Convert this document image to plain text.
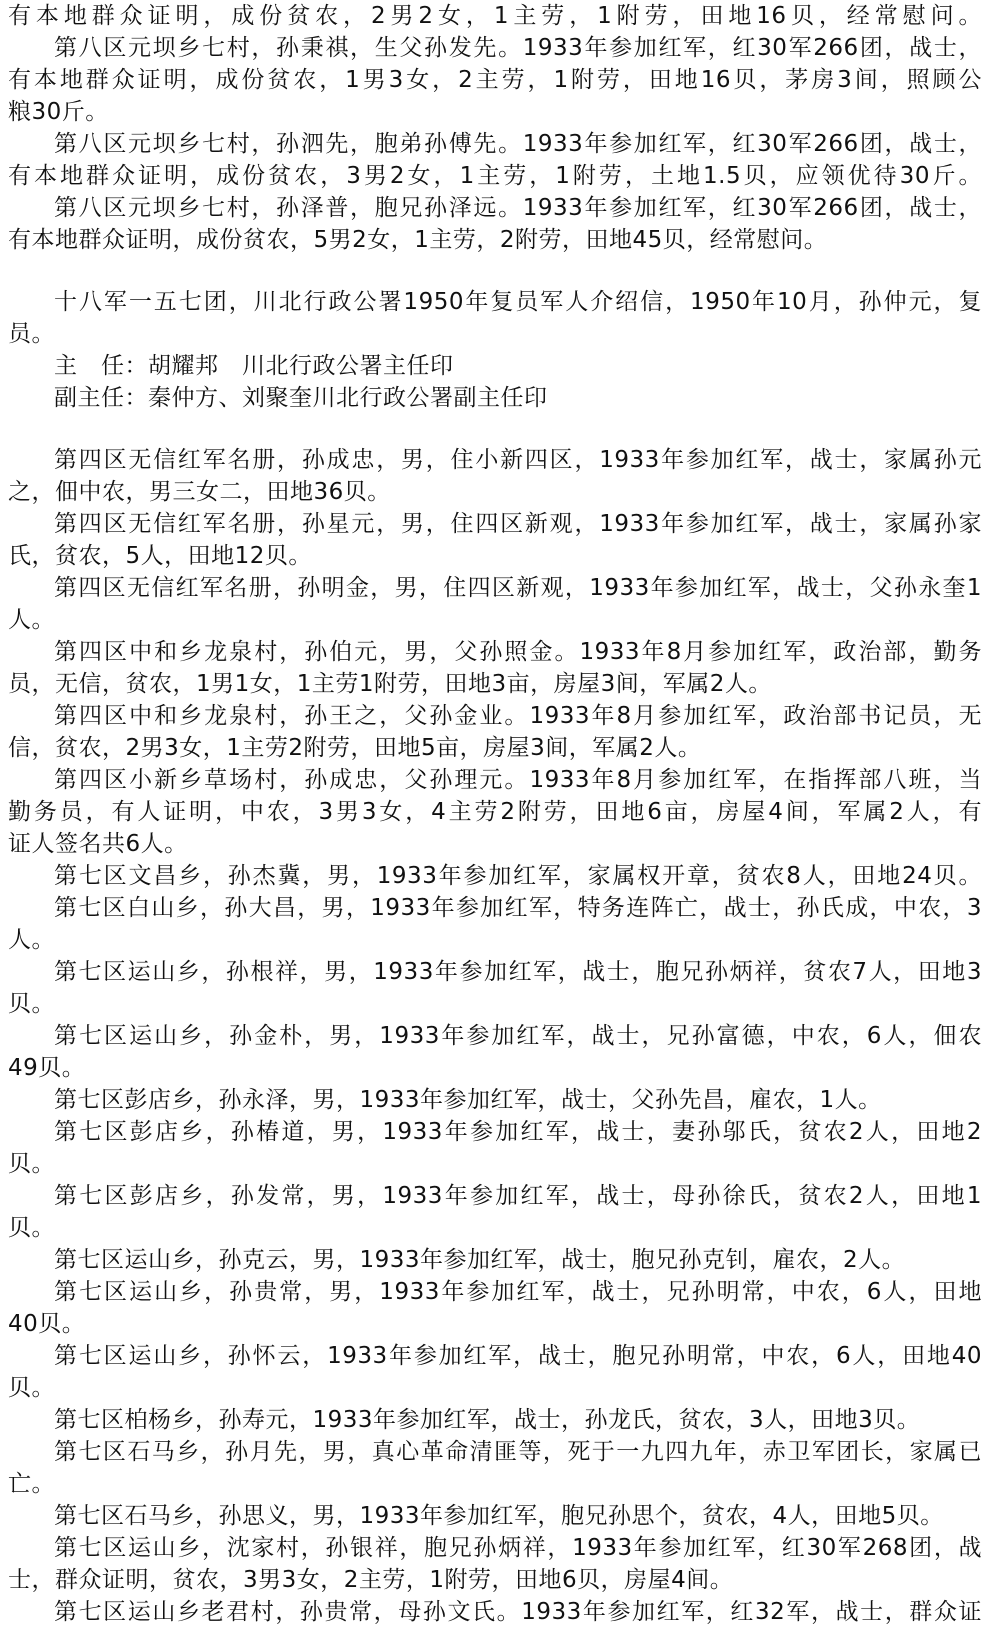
有本地群众证明，成份贫农，2男2女，1主劳，1附劳，田地16贝，经常慰问。
第八区元坝乡七村，孙秉祺，生父孙发先。1933年参加红军，红30军266团，战士，
有本地群众证明，成份贫农，1男3女，2主劳，1附劳，田地16贝，茅房3间，照顾公
粮30斤。
第八区元坝乡七村，孙泗先，胞弟孙傅先。1933年参加红军，红30军266团，战士，
有本地群众证明，成份贫农，3男2女，1主劳，1附劳，土地1.5贝，应领优待30斤。
第八区元坝乡七村，孙泽普，胞兄孙泽远。1933年参加红军，红30军266团，战士，
有本地群众证明，成份贫农，5男2女，1主劳，2附劳，田地45贝，经常慰问。
十八军一五七团，川北行政公署1950年复员军人介绍信，1950年10月，孙仲元，复
员。
主　任：胡耀邦　川北行政公署主任印
副主任：秦仲方、刘聚奎川北行政公署副主任印
第四区无信红军名册，孙成忠，男，住小新四区，1933年参加红军，战士，家属孙元
之，佃中农，男三女二，田地36贝。
第四区无信红军名册，孙星元，男，住四区新观，1933年参加红军，战士，家属孙家
氏，贫农，5人，田地12贝。
第四区无信红军名册，孙明金，男，住四区新观，1933年参加红军，战士，父孙永奎1
人。
第四区中和乡龙泉村，孙伯元，男，父孙照金。1933年8月参加红军，政治部，勤务
员，无信，贫农，1男1女，1主劳1附劳，田地3亩，房屋3间，军属2人。
第四区中和乡龙泉村，孙王之，父孙金业。1933年8月参加红军，政治部书记员，无
信，贫农，2男3女，1主劳2附劳，田地5亩，房屋3间，军属2人。
第四区小新乡草场村，孙成忠，父孙理元。1933年8月参加红军，在指挥部八班，当
勤务员，有人证明，中农，3男3女，4主劳2附劳，田地6亩，房屋4间，军属2人，有
证人签名共6人。
第七区文昌乡，孙杰冀，男，1933年参加红军，家属权开章，贫农8人，田地24贝。
第七区白山乡，孙大昌，男，1933年参加红军，特务连阵亡，战士，孙氏成，中农，3
人。
第七区运山乡，孙根祥，男，1933年参加红军，战士，胞兄孙炳祥，贫农7人，田地3
贝。
第七区运山乡，孙金朴，男，1933年参加红军，战士，兄孙富德，中农，6人，佃农
49贝。
第七区彭店乡，孙永泽，男，1933年参加红军，战士，父孙先昌，雇农，1人。
第七区彭店乡，孙椿道，男，1933年参加红军，战士，妻孙邬氏，贫农2人，田地2
贝。
第七区彭店乡，孙发常，男，1933年参加红军，战士，母孙徐氏，贫农2人，田地1
贝。
第七区运山乡，孙克云，男，1933年参加红军，战士，胞兄孙克钊，雇农，2人。
第七区运山乡，孙贵常，男，1933年参加红军，战士，兄孙明常，中农，6人，田地
40贝。
第七区运山乡，孙怀云，1933年参加红军，战士，胞兄孙明常，中农，6人，田地40
贝。
第七区柏杨乡，孙寿元，1933年参加红军，战士，孙龙氏，贫农，3人，田地3贝。
第七区石马乡，孙月先，男，真心革命清匪等，死于一九四九年，赤卫军团长，家属已
亡。
第七区石马乡，孙思义，男，1933年参加红军，胞兄孙思个，贫农，4人，田地5贝。
第七区运山乡，沈家村，孙银祥，胞兄孙炳祥，1933年参加红军，红30军268团，战
士，群众证明，贫农，3男3女，2主劳，1附劳，田地6贝，房屋4间。
第七区运山乡老君村，孙贵常，母孙文氏。1933年参加红军，红32军，战士，群众证
